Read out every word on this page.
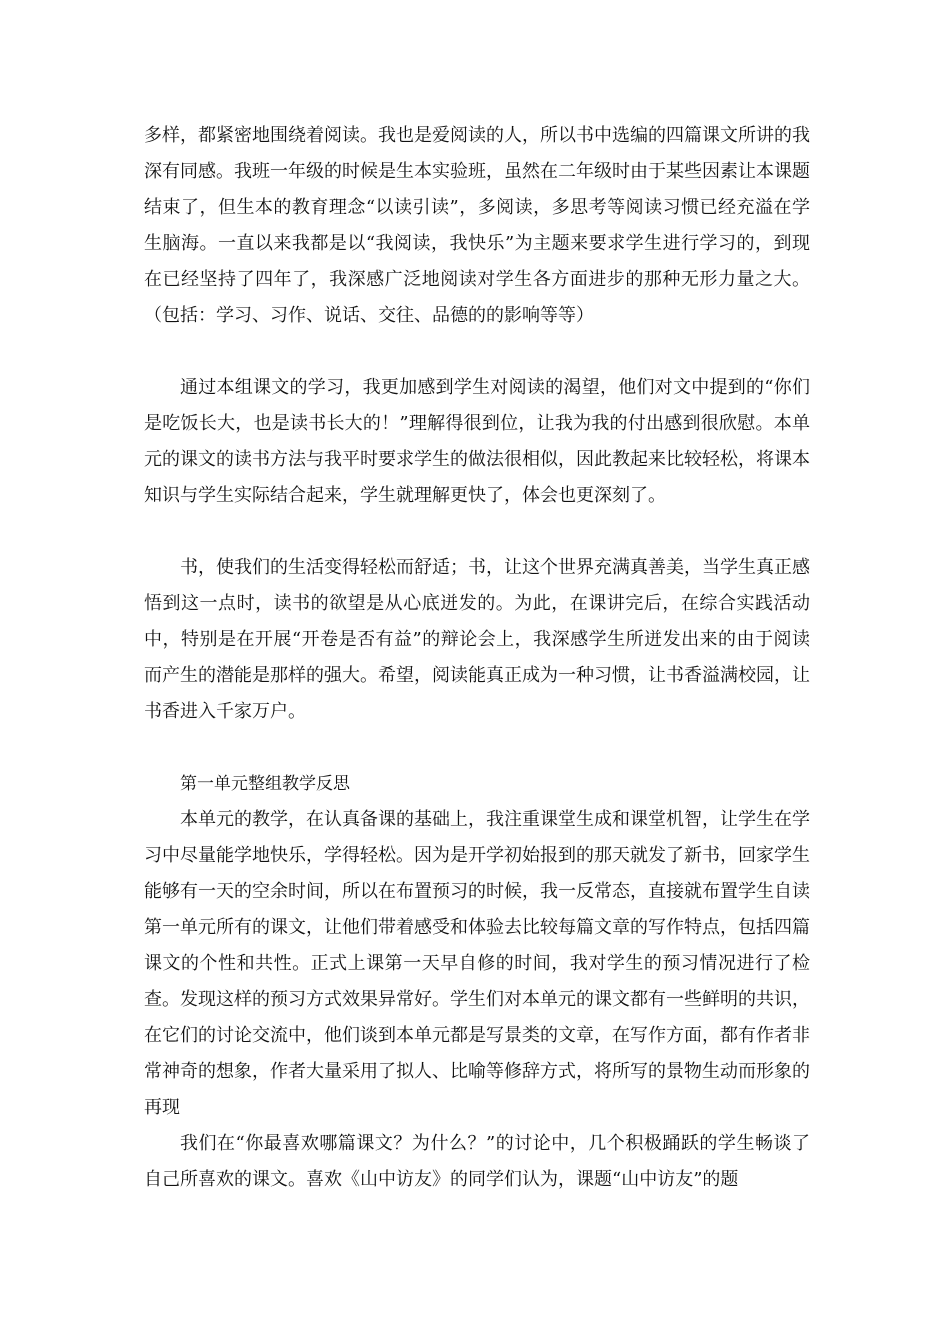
多样，都紧密地围绕着阅读。我也是爱阅读的人，所以书中选编的四篇课文所讲的我深有同感。我班一年级的时候是生本实验班，虽然在二年级时由于某些因素让本课题结束了，但生本的教育理念“以读引读”，多阅读，多思考等阅读习惯已经充溢在学生脑海。一直以来我都是以“我阅读，我快乐”为主题来要求学生进行学习的，到现在已经坚持了四年了，我深感广泛地阅读对学生各方面进步的那种无形力量之大。（包括：学习、习作、说话、交往、品德的的影响等等）

通过本组课文的学习，我更加感到学生对阅读的渴望，他们对文中提到的“你们是吃饭长大，也是读书长大的！”理解得很到位，让我为我的付出感到很欣慰。本单元的课文的读书方法与我平时要求学生的做法很相似，因此教起来比较轻松，将课本知识与学生实际结合起来，学生就理解更快了，体会也更深刻了。

书，使我们的生活变得轻松而舒适；书，让这个世界充满真善美，当学生真正感悟到这一点时，读书的欲望是从心底迸发的。为此，在课讲完后，在综合实践活动中，特别是在开展“开卷是否有益”的辩论会上，我深感学生所迸发出来的由于阅读而产生的潜能是那样的强大。希望，阅读能真正成为一种习惯，让书香溢满校园，让书香进入千家万户。

第一单元整组教学反思

本单元的教学，在认真备课的基础上，我注重课堂生成和课堂机智，让学生在学习中尽量能学地快乐，学得轻松。因为是开学初始报到的那天就发了新书，回家学生能够有一天的空余时间，所以在布置预习的时候，我一反常态，直接就布置学生自读第一单元所有的课文，让他们带着感受和体验去比较每篇文章的写作特点，包括四篇课文的个性和共性。正式上课第一天早自修的时间，我对学生的预习情况进行了检查。发现这样的预习方式效果异常好。学生们对本单元的课文都有一些鲜明的共识，在它们的讨论交流中，他们谈到本单元都是写景类的文章，在写作方面，都有作者非常神奇的想象，作者大量采用了拟人、比喻等修辞方式，将所写的景物生动而形象的再现

我们在“你最喜欢哪篇课文？为什么？”的讨论中，几个积极踊跃的学生畅谈了自己所喜欢的课文。喜欢《山中访友》的同学们认为，课题“山中访友”的题
